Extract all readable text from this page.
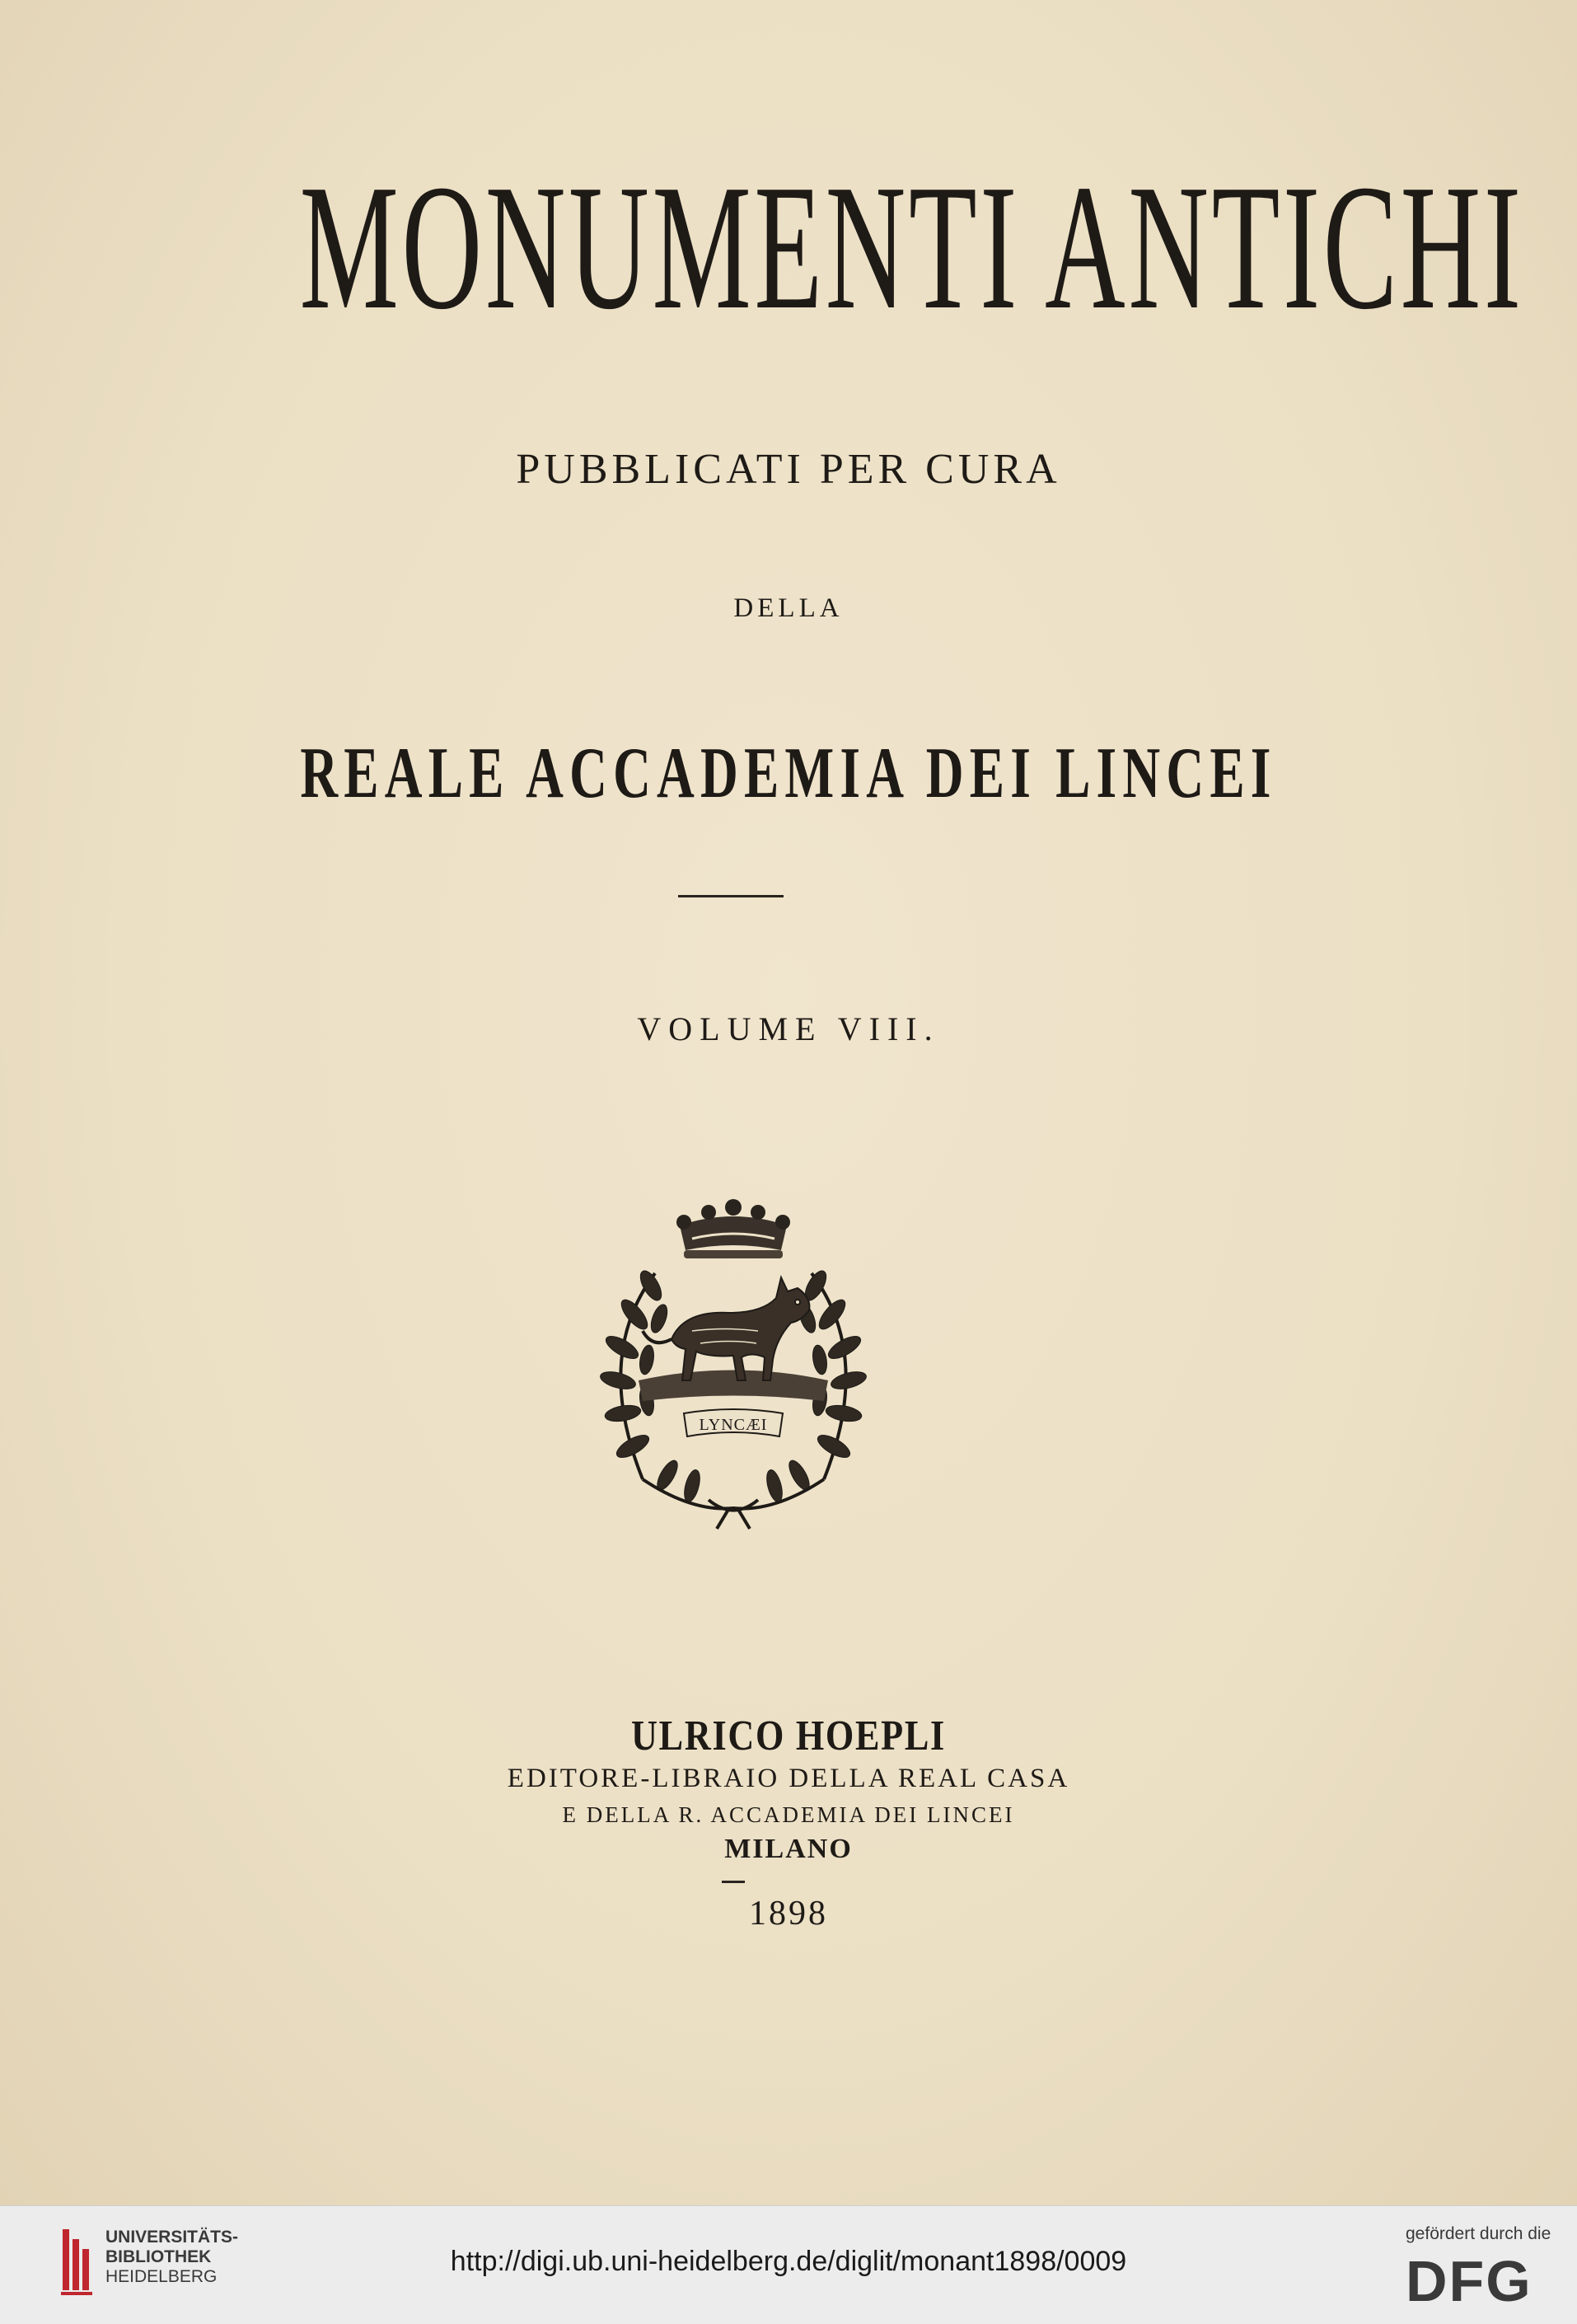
MONUMENTI ANTICHI
PUBBLICATI PER CURA
DELLA
REALE ACCADEMIA DEI LINCEI
VOLUME VIII.
LYNCÆI
ULRICO HOEPLI
EDITORE-LIBRAIO DELLA REAL CASA
E DELLA R. ACCADEMIA DEI LINCEI
MILANO
1898
UNIVERSITÄTS-
BIBLIOTHEK
HEIDELBERG	http://digi.ub.uni-heidelberg.de/diglit/monant1898/0009
gefördert durch die
DFG
